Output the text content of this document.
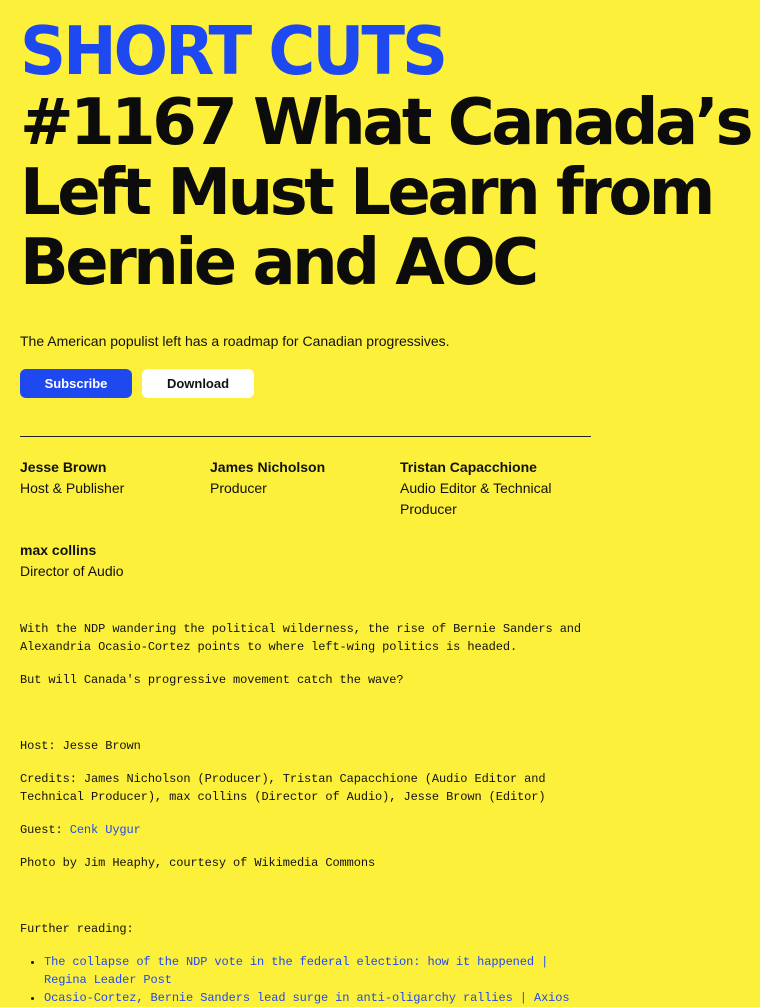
SHORT CUTS
#1167 What Canada’s Left Must Learn from Bernie and AOC

The American populist left has a roadmap for Canadian progressives.

Subscribe	Download
Jesse Brown
Host & Publisher
James Nicholson
Producer
Tristan Capacchione
Audio Editor & Technical Producer
max collins
Director of Audio

With the NDP wandering the political wilderness, the rise of Bernie Sanders and Alexandria Ocasio-Cortez points to where left-wing politics is headed.

But will Canada's progressive movement catch the wave?

Host: Jesse Brown

Credits: James Nicholson (Producer), Tristan Capacchione (Audio Editor and Technical Producer), max collins (Director of Audio), Jesse Brown (Editor)

Guest: Cenk Uygur

Photo by Jim Heaphy, courtesy of Wikimedia Commons

Further reading:

• The collapse of the NDP vote in the federal election: how it happened | Regina Leader Post
• Ocasio-Cortez, Bernie Sanders lead surge in anti-oligarchy rallies | Axios
